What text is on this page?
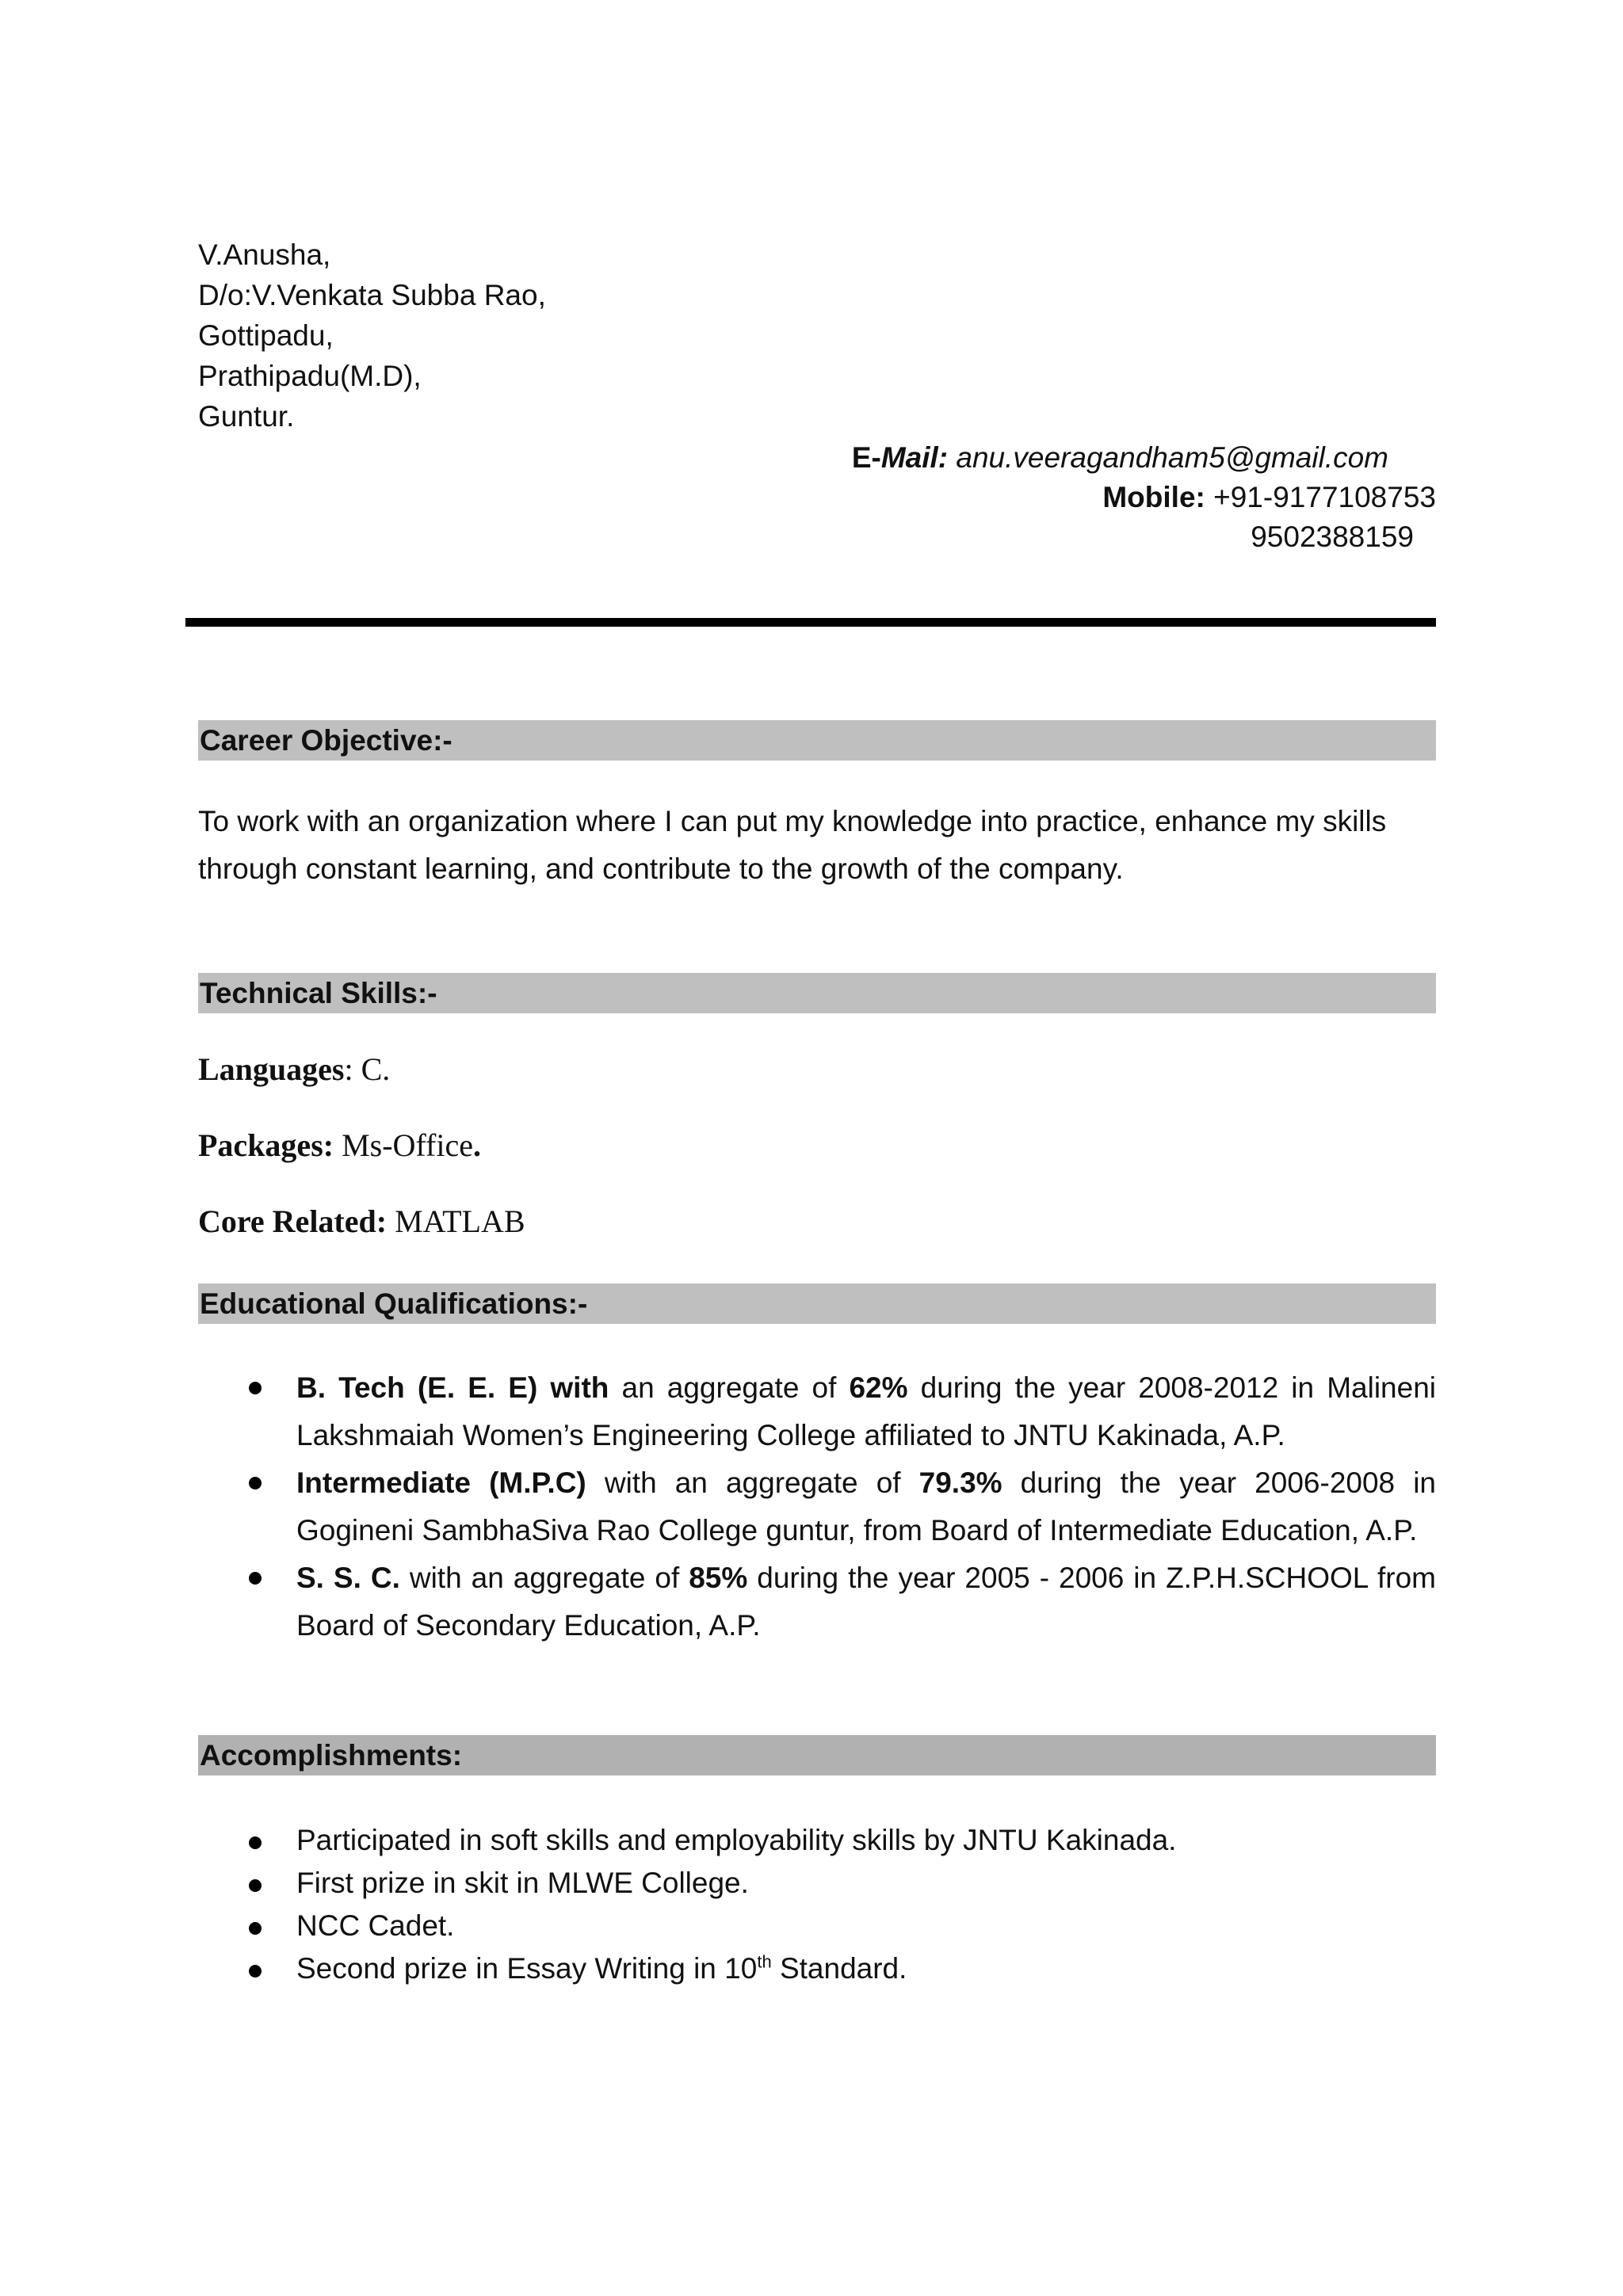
V.Anusha,
D/o:V.Venkata Subba Rao,
Gottipadu,
Prathipadu(M.D),
Guntur.
E-Mail: anu.veeragandham5@gmail.com
Mobile: +91-9177108753
9502388159
Career Objective:-
To work with an organization where I can put my knowledge into practice, enhance my skills through constant learning, and contribute to the growth of the company.
Technical Skills:-
Languages: C.
Packages: Ms-Office.
Core Related: MATLAB
Educational Qualifications:-
B. Tech (E. E. E) with an aggregate of 62% during the year 2008-2012 in Malineni Lakshmaiah Women’s Engineering College affiliated to JNTU Kakinada, A.P.
Intermediate (M.P.C) with an aggregate of 79.3% during the year 2006-2008 in Gogineni SambhaSiva Rao College guntur, from Board of Intermediate Education, A.P.
S. S. C. with an aggregate of 85% during the year 2005 - 2006 in Z.P.H.SCHOOL from Board of Secondary Education, A.P.
Accomplishments:
Participated in soft skills and employability skills by JNTU Kakinada.
First prize in skit in MLWE College.
NCC Cadet.
Second prize in Essay Writing in 10th Standard.
